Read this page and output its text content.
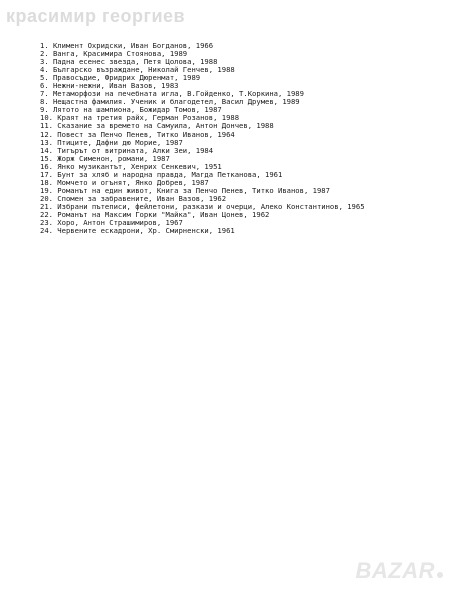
красимир георгиев
1. Климент Охридски, Иван Богданов, 1966
2. Ванга, Красимира Стоянова, 1989
3. Падна есенес звезда, Петя Цолова, 1988
4. Българско възраждане, Николай Генчев, 1988
5. Правосъдие, Фридрих Дюренмат, 1989
6. Нежни-нежни, Иван Вазов, 1983
7. Метаморфози на печебната игла, В.Гойденко, Т.Коркина, 1989
8. Нещастна фамилия. Ученик и благодетел, Васил Друмев, 1989
9. Лятото на шампиона, Божидар Томов, 1987
10. Краят на третия райх, Герман Розанов, 1988
11. Сказание за времето на Самуила, Антон Дончев, 1988
12. Повест за Пенчо Пенев, Титко Иванов, 1964
13. Птиците, Дафни дю Морие, 1987
14. Тигърът от витрината, Алки Зеи, 1984
15. Жорж Сименон, романи, 1987
16. Янко музикантът, Хенрих Сенкевич, 1951
17. Бунт за хляб и народна правда, Магда Петканова, 1961
18. Момчето и огънят, Янко Добрев, 1987
19. Романът на един живот, Книга за Пенчо Пенев, Титко Иванов, 1987
20. Спомен за забравените, Иван Вазов, 1962
21. Избрани пътеписи, фейлетони, разкази и очерци, Алеко Константинов, 1965
22. Романът на Максим Горки "Майка", Иван Цонев, 1962
23. Хоро, Антон Страшимиров, 1967
24. Червените ескадрони, Хр. Смирненски, 1961
BAZAR
